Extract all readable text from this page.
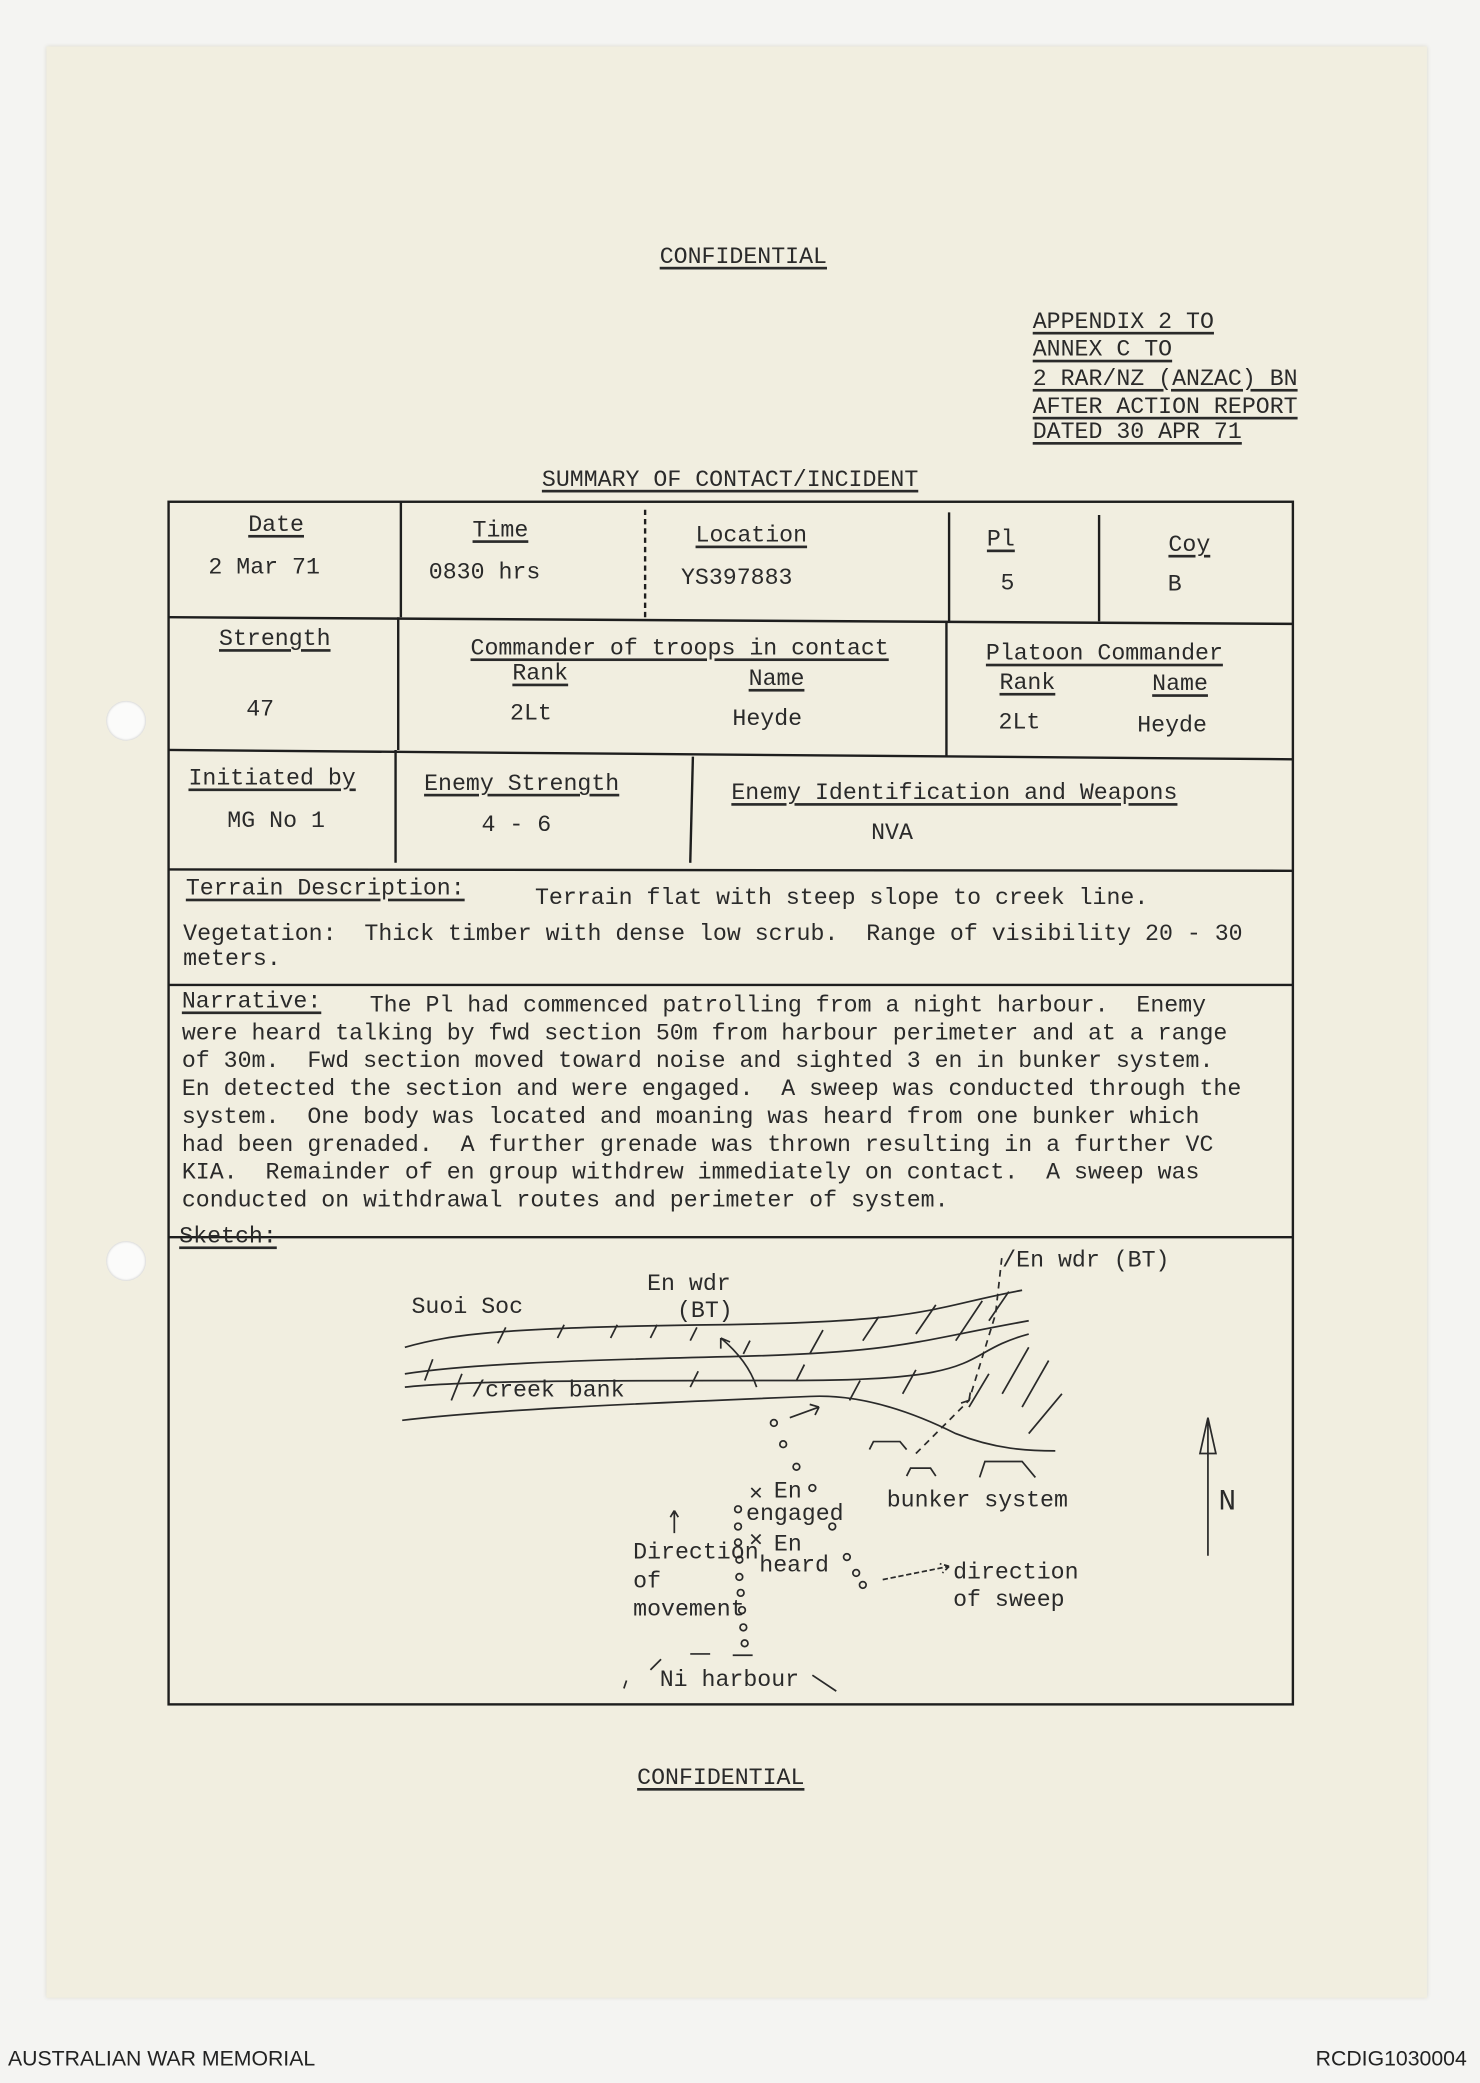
CONFIDENTIAL
APPENDIX 2 TO
ANNEX C TO
2 RAR/NZ (ANZAC) BN
AFTER ACTION REPORT
DATED 30 APR 71
SUMMARY OF CONTACT/INCIDENT
Date
2 Mar 71
Time
0830 hrs
Location
YS397883
Pl
5
Coy
B
Strength
47
Commander of troops in contact
Rank	Name
2Lt	Heyde
Platoon Commander
Rank	Name
2Lt	Heyde
Initiated by
MG No 1
Enemy Strength
4 - 6
Enemy Identification and Weapons
NVA
Terrain Description:	Terrain flat with steep slope to creek line.
Vegetation:  Thick timber with dense low scrub.  Range of visibility 20 - 30
meters.
Narrative: The Pl had commenced patrolling from a night harbour.  Enemy
were heard talking by fwd section 50m from harbour perimeter and at a range
of 30m.  Fwd section moved toward noise and sighted 3 en in bunker system.
En detected the section and were engaged.  A sweep was conducted through the
system.  One body was located and moaning was heard from one bunker which
had been grenaded.  A further grenade was thrown resulting in a further VC
KIA.  Remainder of en group withdrew immediately on contact.  A sweep was
conducted on withdrawal routes and perimeter of system.
Sketch:
Suoi Soc
En wdr
(BT)
/En wdr (BT)
/creek bank
En
engaged bunker system	N
Direction
of
movement
En
heard	direction
of sweep
Ni harbour
CONFIDENTIAL
AUSTRALIAN WAR MEMORIAL	RCDIG1030004
